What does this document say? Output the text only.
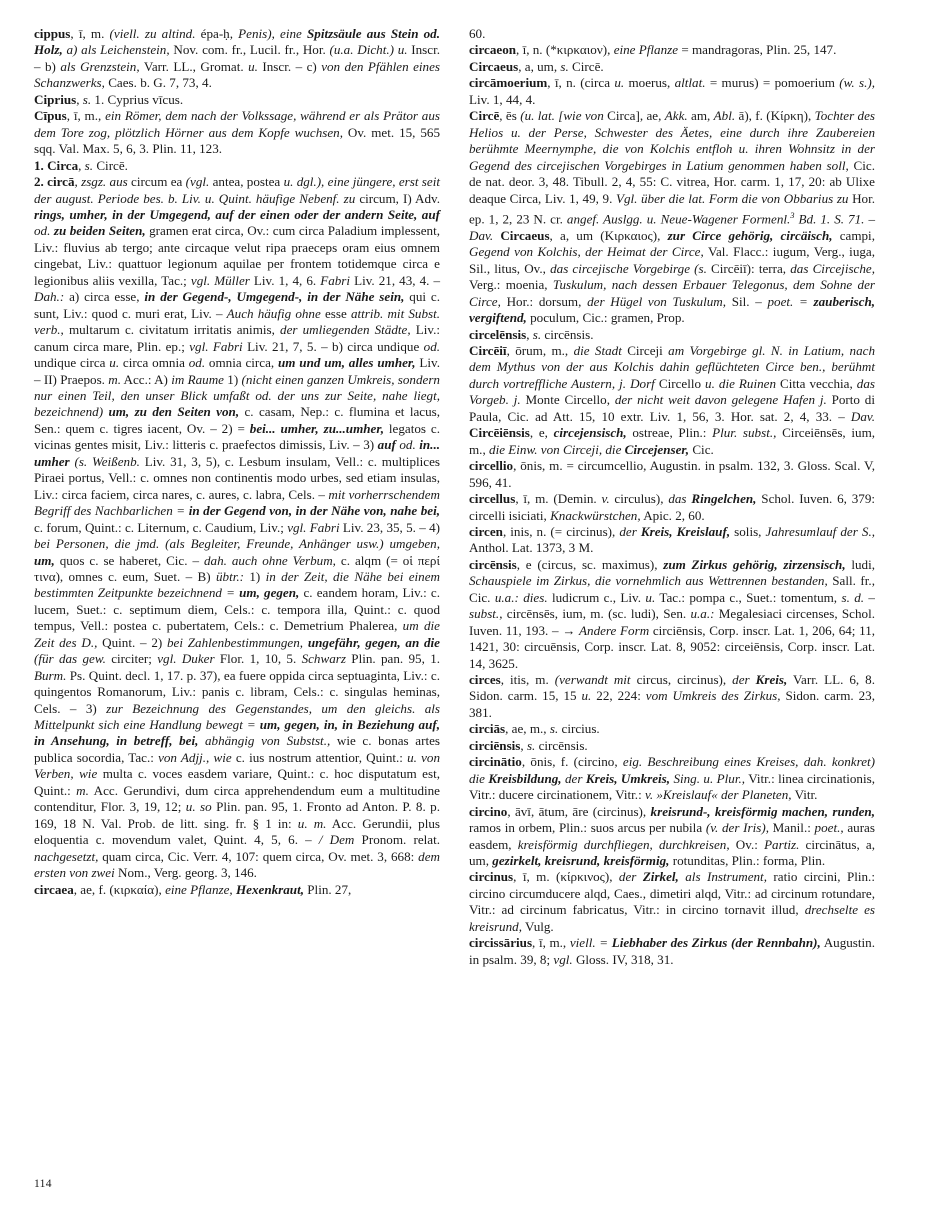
cippus, ī, m. (viell. zu altind. épa-ḥ, Penis), eine Spitzsäule aus Stein od. Holz, a) als Leichenstein, Nov. com. fr., Lucil. fr., Hor. (u.a. Dicht.) u. Inscr. – b) als Grenzstein, Varr. LL., Gromat. u. Inscr. – c) von den Pfählen eines Schanzwerks, Caes. b. G. 7, 73, 4.

Ciprius, s. 1. Cyprius vīcus.

Cīpus, ī, m., ein Römer, dem nach der Volkssage, während er als Prätor aus dem Tore zog, plötzlich Hörner aus dem Kopfe wuchsen, Ov. met. 15, 565 sqq. Val. Max. 5, 6, 3. Plin. 11, 123.

1. Circa, s. Circē.

2. circā, zsgz. aus circum ea (vgl. antea, postea u. dgl.), eine jüngere, erst seit der august. Periode bes. b. Liv. u. Quint. häufige Nebenf. zu circum, I) Adv. rings, umher, in der Umgegend, auf der einen oder der andern Seite, auf od. zu beiden Seiten, gramen erat circa, Ov.: cum circa Paladium implessent, Liv.: fluvius ab tergo; ante circaque velut ripa praeceps oram eius omnem cingebat, Liv.: quattuor legionum aquilae per frontem totidemque circa e legionibus aliis vexilla, Tac.; vgl. Müller Liv. 1, 4, 6. Fabri Liv. 21, 43, 4. – Dah.: a) circa esse, in der Gegend-, Umgegend-, in der Nähe sein, qui c. sunt, Liv.: quod c. muri erat, Liv. – Auch häufig ohne esse attrib. mit Subst. verb., multarum c. civitatum irritatis animis, der umliegenden Städte, Liv.: canum circa mare, Plin. ep.; vgl. Fabri Liv. 21, 7, 5. – b) circa undique od. undique circa u. circa omnia od. omnia circa, um und um, alles umher, Liv. – II) Praepos. m. Acc.: A) im Raume 1) (nicht einen ganzen Umkreis, sondern nur einen Teil, den unser Blick umfaßt od. der uns zur Seite, nahe liegt, bezeichnend) um, zu den Seiten von, c. casam, Nep.: c. flumina et lacus, Sen.: quem c. tigres iacent, Ov. – 2) = bei... umher, zu...umher, legatos c. vicinas gentes misit, Liv.: litteris c. praefectos dimissis, Liv. – 3) auf od. in... umher (s. Weißenb. Liv. 31, 3, 5), c. Lesbum insulam, Vell.: c. multiplices Piraei portus, Vell.: c. omnes non continentis modo urbes, sed etiam insulas, Liv.: circa faciem, circa nares, c. aures, c. labra, Cels. – mit vorherrschendem Begriff des Nachbarlichen = in der Gegend von, in der Nähe von, nahe bei, c. forum, Quint.: c. Liternum, c. Caudium, Liv.; vgl. Fabri Liv. 23, 35, 5. – 4) bei Personen, die jmd. (als Begleiter, Freunde, Anhänger usw.) umgeben, um, quos c. se haberet, Cic. – dah. auch ohne Verbum, c. alqm (= οἱ περί τινα), omnes c. eum, Suet. – B) übtr.: 1) in der Zeit, die Nähe bei einem bestimmten Zeitpunkte bezeichnend = um, gegen, c. eandem horam, Liv.: c. lucem, Suet.: c. septimum diem, Cels.: c. tempora illa, Quint.: c. quod tempus, Vell.: postea c. pubertatem, Cels.: c. Demetrium Phalerea, um die Zeit des D., Quint. – 2) bei Zahlenbestimmungen, ungefähr, gegen, an die (für das gew. circiter; vgl. Duker Flor. 1, 10, 5. Schwarz Plin. pan. 95, 1. Burm. Ps. Quint. decl. 1, 17. p. 37), ea fuere oppida circa septuaginta, Liv.: c. quingentos Romanorum, Liv.: panis c. libram, Cels.: c. singulas heminas, Cels. – 3) zur Bezeichnung des Gegenstandes, um den gleichs. als Mittelpunkt sich eine Handlung bewegt = um, gegen, in, in Beziehung auf, in Ansehung, in betreff, bei, abhängig von Substst., wie c. bonas artes publica socordia, Tac.: von Adjj., wie c. ius nostrum attentior, Quint.: u. von Verben, wie multa c. voces easdem variare, Quint.: c. hoc disputatum est, Quint.: m. Acc. Gerundivi, dum circa apprehendendum eum a multitudine contenditur, Flor. 3, 19, 12; u. so Plin. pan. 95, 1. Fronto ad Anton. P. 8. p. 169, 18 N. Val. Prob. de litt. sing. fr. § 1 in: u. m. Acc. Gerundii, plus eloquentia c. movendum valet, Quint. 4, 5, 6. – / Dem Pronom. relat. nachgesetzt, quam circa, Cic. Verr. 4, 107: quem circa, Ov. met. 3, 668: dem ersten von zwei Nom., Verg. georg. 3, 146.

circaea, ae, f. (κιρκαία), eine Pflanze, Hexenkraut, Plin. 27,

60.

circaeon, ī, n. (*κιρκαιον), eine Pflanze = mandragoras, Plin. 25, 147.

Circaeus, a, um, s. Circē.

circāmoerium, ī, n. (circa u. moerus, altlat. = murus) = pomoerium (w. s.), Liv. 1, 44, 4.

Circē, ēs (u. lat. [wie von Circa], ae, Akk. am, Abl. ā), f. (Κίρκη), Tochter des Helios u. der Perse, Schwester des Äetes, eine durch ihre Zaubereien berühmte Meernymphe, die von Kolchis entfloh u. ihren Wohnsitz in der Gegend des circejischen Vorgebirges in Latium genommen haben soll, Cic. de nat. deor. 3, 48. Tibull. 2, 4, 55: C. vitrea, Hor. carm. 1, 17, 20: ab Ulixe deaque Circa, Liv. 1, 49, 9. Vgl. über die lat. Form die von Obbarius zu Hor. ep. 1, 2, 23 N. cr. angef. Auslgg. u. Neue-Wagener Formenl.$^3$ Bd. 1. S. 71. – Dav. Circaeus, a, um (Κιρκαιος), zur Circe gehörig, circäisch, campi, Gegend von Kolchis, der Heimat der Circe, Val. Flacc.: iugum, Verg., iuga, Sil., litus, Ov., das circejische Vorgebirge (s. Circēiī): terra, das Circejische, Verg.: moenia, Tuskulum, nach dessen Erbauer Telegonus, dem Sohne der Circe, Hor.: dorsum, der Hügel von Tuskulum, Sil. – poet. = zauberisch, vergiftend, poculum, Cic.: gramen, Prop.

circelēnsis, s. circēnsis.

Circēiī, ōrum, m., die Stadt Circeji am Vorgebirge gl. N. in Latium, nach dem Mythus von der aus Kolchis dahin geflüchteten Circe ben., berühmt durch vortreffliche Austern, j. Dorf Circello u. die Ruinen Citta vecchia, das Vorgeb. j. Monte Circello, der nicht weit davon gelegene Hafen j. Porto di Paula, Cic. ad Att. 15, 10 extr. Liv. 1, 56, 3. Hor. sat. 2, 4, 33. – Dav. Circēiēnsis, e, circejensisch, ostreae, Plin.: Plur. subst., Circeiēnsēs, ium, m., die Einw. von Circeji, die Circejenser, Cic.

circellio, ōnis, m. = circumcellio, Augustin. in psalm. 132, 3. Gloss. Scal. V, 596, 41.

circellus, ī, m. (Demin. v. circulus), das Ringelchen, Schol. Iuven. 6, 379: circelli isiciati, Knackwürstchen, Apic. 2, 60.

circen, inis, n. (= circinus), der Kreis, Kreislauf, solis, Jahresumlauf der S., Anthol. Lat. 1373, 3 M.

circēnsis, e (circus, sc. maximus), zum Zirkus gehörig, zirzensisch, ludi, Schauspiele im Zirkus, die vornehmlich aus Wettrennen bestanden, Sall. fr., Cic. u.a.: dies. ludicrum c., Liv. u. Tac.: pompa c., Suet.: tomentum, s. d. – subst., circēnsēs, ium, m. (sc. ludi), Sen. u.a.: Megalesiaci circenses, Schol. Iuven. 11, 193. – → Andere Form circiēnsis, Corp. inscr. Lat. 1, 206, 64; 11, 1421, 30: circuēnsis, Corp. inscr. Lat. 8, 9052: circeiēnsis, Corp. inscr. Lat. 14, 3625.

circes, itis, m. (verwandt mit circus, circinus), der Kreis, Varr. LL. 6, 8. Sidon. carm. 15, 15 u. 22, 224: vom Umkreis des Zirkus, Sidon. carm. 23, 381.

circiās, ae, m., s. circius.

circiēnsis, s. circēnsis.

circinātio, ōnis, f. (circino, eig. Beschreibung eines Kreises, dah. konkret) die Kreisbildung, der Kreis, Umkreis, Sing. u. Plur., Vitr.: linea circinationis, Vitr.: ducere circinationem, Vitr.: v. »Kreislauf« der Planeten, Vitr.

circino, āvī, ātum, āre (circinus), kreisrund-, kreisförmig machen, runden, ramos in orbem, Plin.: suos arcus per nubila (v. der Iris), Manil.: poet., auras easdem, kreisförmig durchfliegen, durchkreisen, Ov.: Partiz. circinātus, a, um, gezirkelt, kreisrund, kreisförmig, rotunditas, Plin.: forma, Plin.

circinus, ī, m. (κίρκινος), der Zirkel, als Instrument, ratio circini, Plin.: circino circumducere alqd, Caes., dimetiri alqd, Vitr.: ad circinum rotundare, Vitr.: ad circinum fabricatus, Vitr.: in circino tornavit illud, drechselte es kreisrund, Vulg.

circissārius, ī, m., viell. = Liebhaber des Zirkus (der Rennbahn), Augustin. in psalm. 39, 8; vgl. Gloss. IV, 318, 31.

114
